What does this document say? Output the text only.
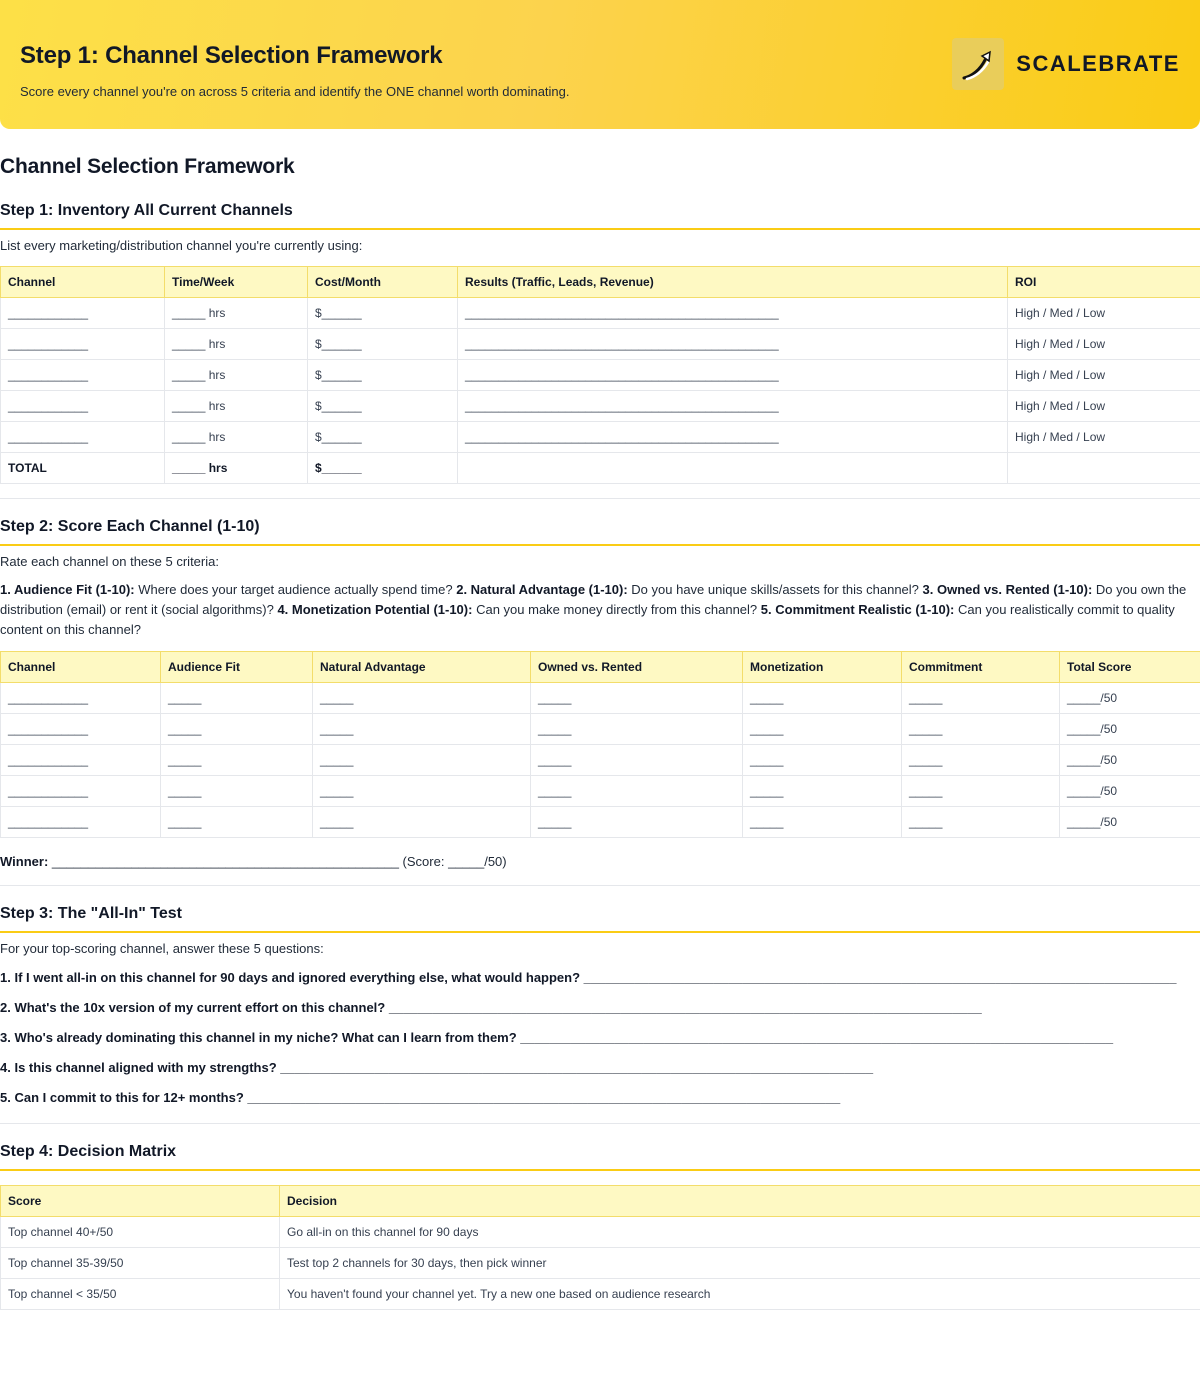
Step 1: Channel Selection Framework
Score every channel you're on across 5 criteria and identify the ONE channel worth dominating.
SCALEBRATE
Channel Selection Framework
Step 1: Inventory All Current Channels
List every marketing/distribution channel you're currently using:
Channel	Time/Week	Cost/Month	Results (Traffic, Leads, Revenue)	ROI
____________	_____ hrs	$______	_______________________________________________	High / Med / Low
____________	_____ hrs	$______	_______________________________________________	High / Med / Low
____________	_____ hrs	$______	_______________________________________________	High / Med / Low
____________	_____ hrs	$______	_______________________________________________	High / Med / Low
____________	_____ hrs	$______	_______________________________________________	High / Med / Low
TOTAL	_____ hrs	$______		
Step 2: Score Each Channel (1-10)
Rate each channel on these 5 criteria:
1. Audience Fit (1-10): Where does your target audience actually spend time? 2. Natural Advantage (1-10): Do you have unique skills/assets for this channel? 3. Owned vs. Rented (1-10): Do you own the distribution (email) or rent it (social algorithms)? 4. Monetization Potential (1-10): Can you make money directly from this channel? 5. Commitment Realistic (1-10): Can you realistically commit to quality content on this channel?
Channel	Audience Fit	Natural Advantage	Owned vs. Rented	Monetization	Commitment	Total Score
____________	_____	_____	_____	_____	_____	_____/50
____________	_____	_____	_____	_____	_____	_____/50
____________	_____	_____	_____	_____	_____	_____/50
____________	_____	_____	_____	_____	_____	_____/50
____________	_____	_____	_____	_____	_____	_____/50
Winner: ________________________________________________ (Score: _____/50)
Step 3: The "All-In" Test
For your top-scoring channel, answer these 5 questions:
1. If I went all-in on this channel for 90 days and ignored everything else, what would happen? __________________________________________________________________________________
2. What's the 10x version of my current effort on this channel? __________________________________________________________________________________
3. Who's already dominating this channel in my niche? What can I learn from them? __________________________________________________________________________________
4. Is this channel aligned with my strengths? __________________________________________________________________________________
5. Can I commit to this for 12+ months? __________________________________________________________________________________
Step 4: Decision Matrix
Score	Decision
Top channel 40+/50	Go all-in on this channel for 90 days
Top channel 35-39/50	Test top 2 channels for 30 days, then pick winner
Top channel < 35/50	You haven't found your channel yet. Try a new one based on audience research
